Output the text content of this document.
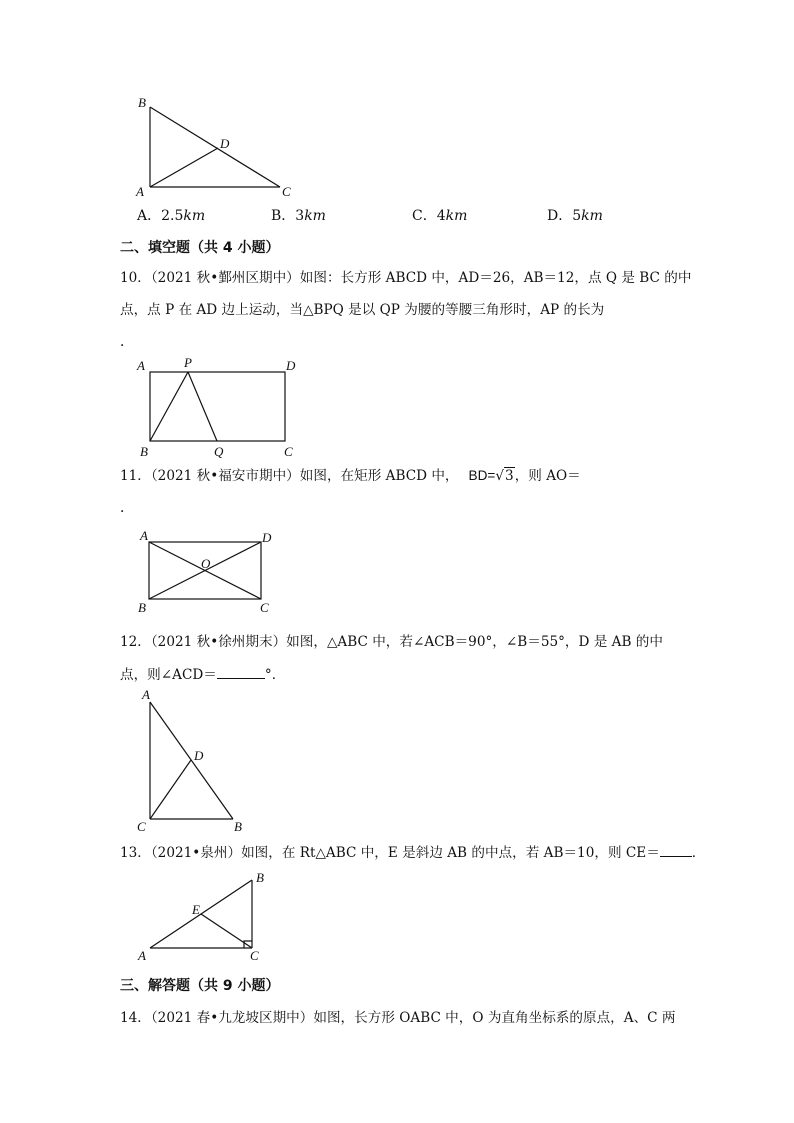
B
D
A	C
A．2.5km	B．3km	C．4km	D．5km
二、填空题（共 4 小题）
10．（2021 秋•鄞州区期中）如图：长方形 ABCD 中，AD＝26，AB＝12，点 Q 是 BC 的中
点，点 P 在 AD 边上运动，当△BPQ 是以 QP 为腰的等腰三角形时，AP 的长为
．
A	P	D
B	Q	C
11．（2021 秋•福安市期中）如图，在矩形 ABCD 中， BD=√3，则 AO＝
．
A	D
O
B	C
12．（2021 秋•徐州期末）如图，△ABC 中，若∠ACB＝90°，∠B＝55°，D 是 AB 的中
点，则∠ACD＝	°．
A
D
C	B
13．（2021•泉州）如图，在 Rt△ABC 中，E 是斜边 AB 的中点，若 AB＝10，则 CE＝ ．
B
E
A	C
三、解答题（共 9 小题）
14．（2021 春•九龙坡区期中）如图，长方形 OABC 中，O 为直角坐标系的原点，A、C 两
